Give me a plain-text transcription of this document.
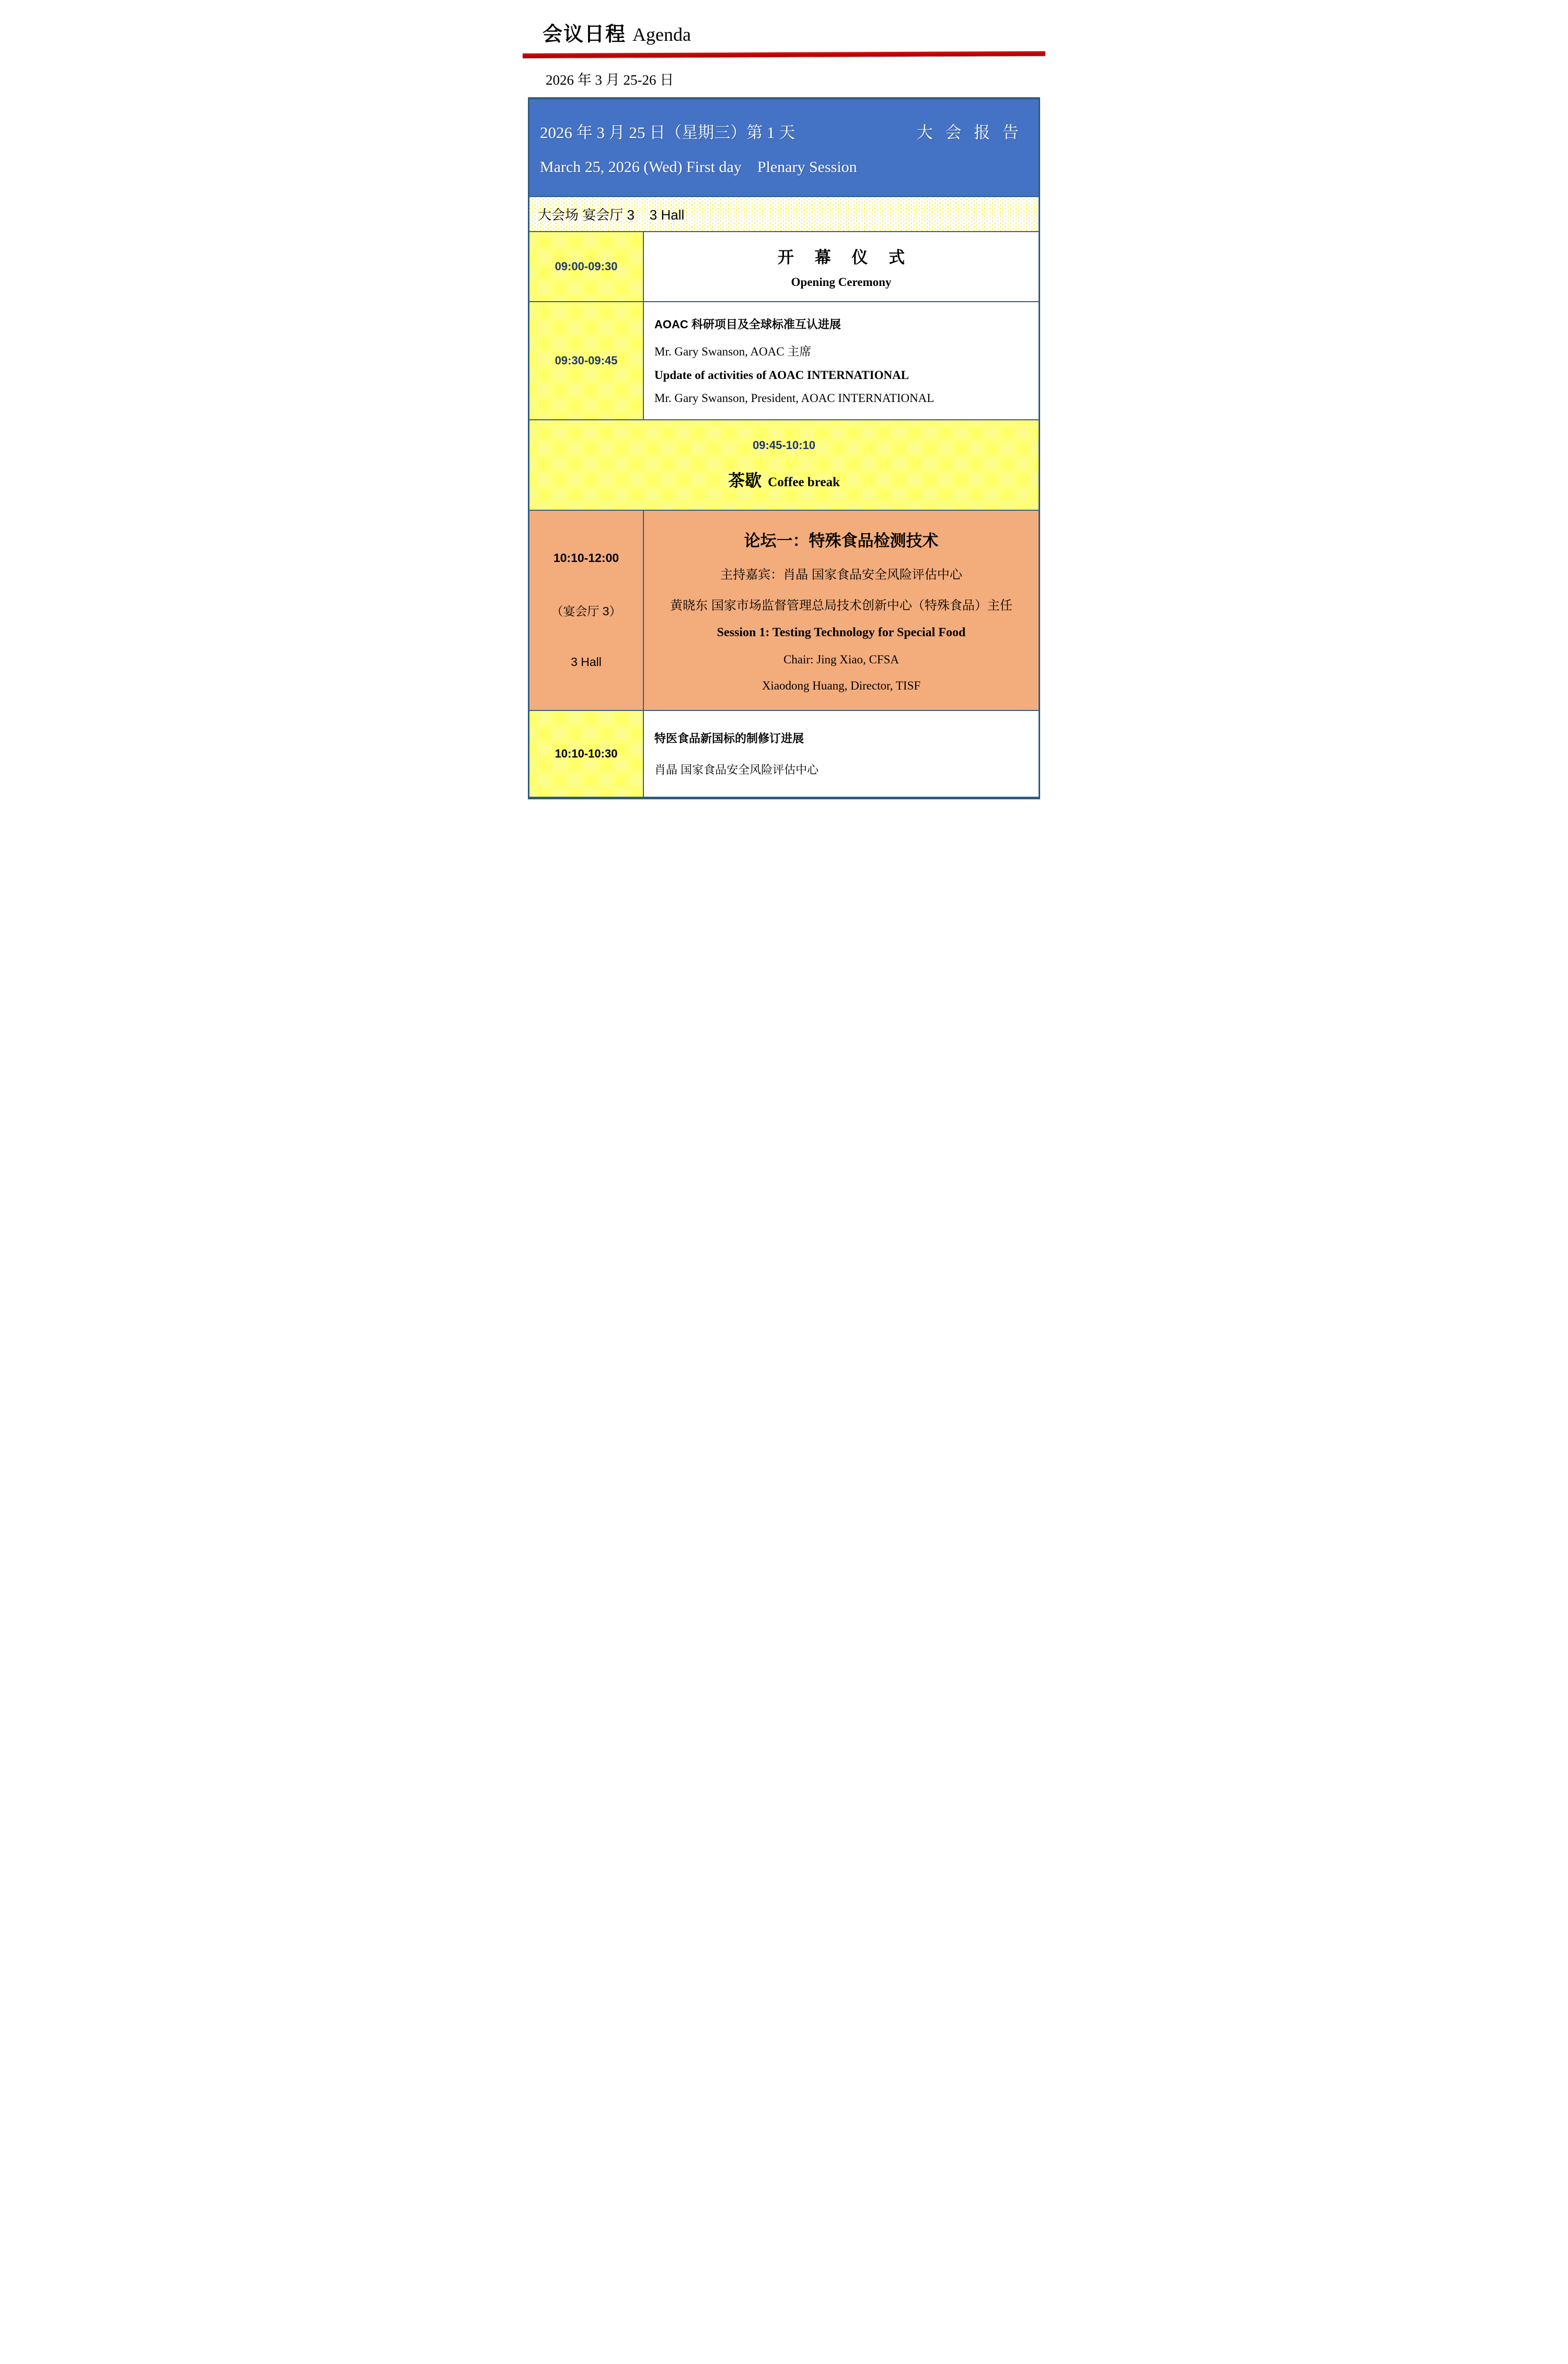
会议日程 Agenda
2026 年 3 月 25-26 日
2026 年 3 月 25 日（星期三）第 1 天	大 会 报 告
March 25, 2026 (Wed) First day    Plenary Session
大会场 宴会厅 3    3 Hall
09:00-09:30	开 幕 仪 式
Opening Ceremony
09:30-09:45
AOAC 科研项目及全球标准互认进展
Mr. Gary Swanson, AOAC 主席
Update of activities of AOAC INTERNATIONAL
Mr. Gary Swanson, President, AOAC INTERNATIONAL
09:45-10:10
茶歇 Coffee break
10:10-12:00
（宴会厅 3）
3 Hall
论坛一：特殊食品检测技术
主持嘉宾：肖晶 国家食品安全风险评估中心
黄晓东 国家市场监督管理总局技术创新中心（特殊食品）主任
Session 1: Testing Technology for Special Food
Chair: Jing Xiao, CFSA
Xiaodong Huang, Director, TISF
10:10-10:30
特医食品新国标的制修订进展
肖晶 国家食品安全风险评估中心
